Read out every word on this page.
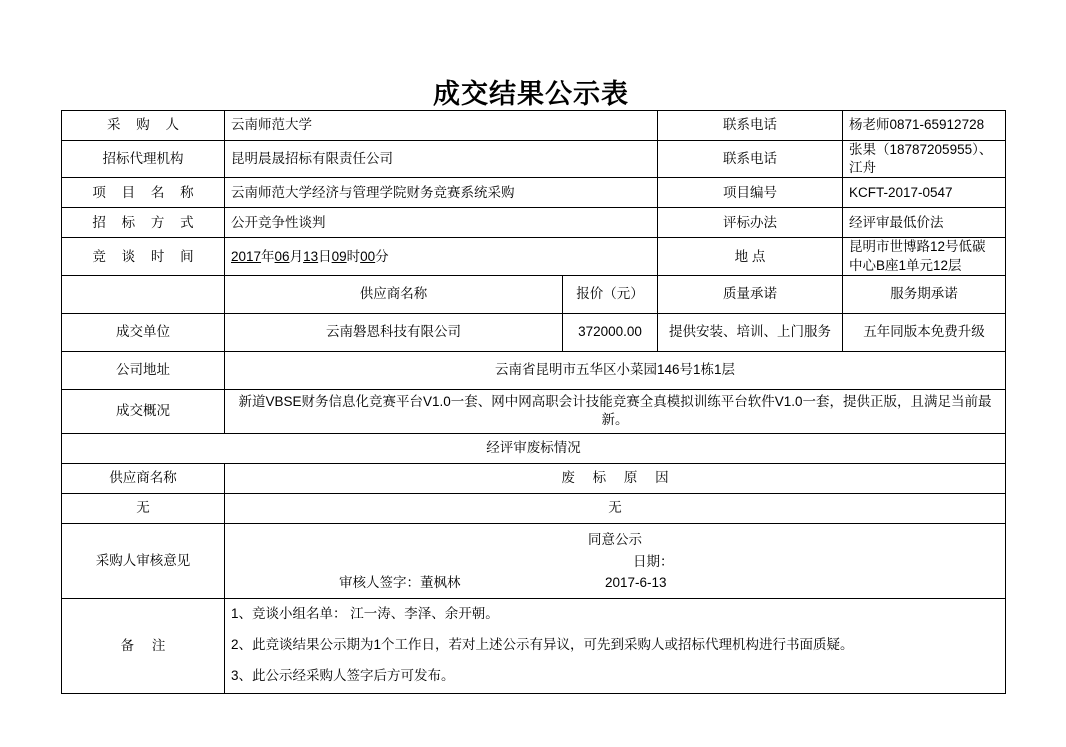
成交结果公示表
采 购 人	云南师范大学		联系电话	杨老师0871-65912728
招标代理机构	昆明晨晟招标有限责任公司		联系电话	张果（18787205955）、江舟
项 目 名 称	云南师范大学经济与管理学院财务竞赛系统采购		项目编号	KCFT-2017-0547
招 标 方 式	公开竞争性谈判		评标办法	经评审最低价法
竞 谈 时 间	2017年06月13日09时00分		地 点	昆明市世博路12号低碳中心B座1单元12层
	供应商名称	报价（元）	质量承诺	服务期承诺
成交单位	云南磐恩科技有限公司	372000.00	提供安装、培训、上门服务	五年同版本免费升级
公司地址	云南省昆明市五华区小菜园146号1栋1层			
成交概况	新道VBSE财务信息化竞赛平台V1.0一套、网中网高职会计技能竞赛全真模拟训练平台软件V1.0一套，提供正版，且满足当前最新。			
经评审废标情况				
供应商名称	废 标 原 因			
无	无			
采购人审核意见	同意公示
日期：
审核人签字：董枫林 2017-6-13			

备 注	1、竞谈小组名单： 江一涛、李泽、余开朝。
2、此竞谈结果公示期为1个工作日，若对上述公示有异议，可先到采购人或招标代理机构进行书面质疑。
3、此公示经采购人签字后方可发布。			
